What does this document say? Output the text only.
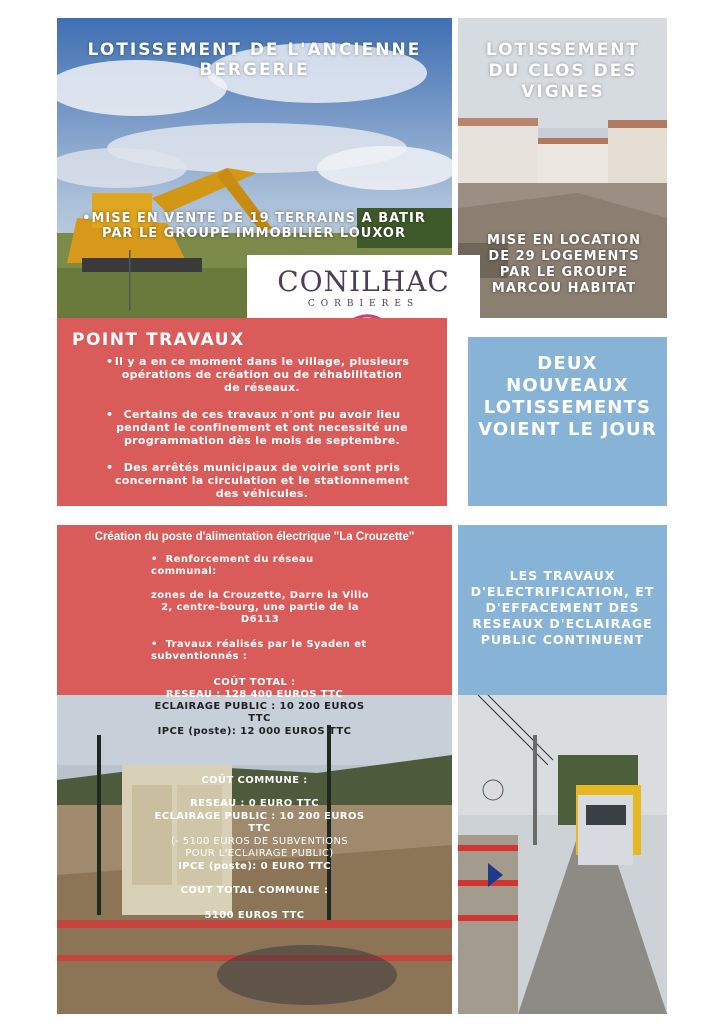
LOTISSEMENT DE L'ANCIENNE BERGERIE
•MISE EN VENTE DE 19 TERRAINS A BATIR PAR LE GROUPE IMMOBILIER LOUXOR
LOTISSEMENT DU CLOS DES VIGNES
MISE EN LOCATION DE 29 LOGEMENTS PAR LE GROUPE MARCOU HABITAT
CONILHAC
CORBIERES
POINT TRAVAUX
• Il y a en ce moment dans le village, plusieurs opérations de création ou de réhabilitation de réseaux.
• Certains de ces travaux n'ont pu avoir lieu pendant le confinement et ont necessité une programmation dès le mois de septembre.
• Des arrêtés municipaux de voirie sont pris concernant la circulation et le stationnement des véhicules.
DEUX NOUVEAUX LOTISSEMENTS VOIENT LE JOUR
Création du poste d'alimentation électrique "La Crouzette"
•  Renforcement du réseau communal:
zones de la Crouzette, Darre la Villo 2, centre-bourg, une partie de la D6113
•  Travaux réalisés par le Syaden et subventionnés :
COÛT TOTAL :
RESEAU : 128 400 EUROS TTC
ECLAIRAGE PUBLIC : 10 200 EUROS TTC
IPCE (poste): 12 000 EUROS TTC
COÛT COMMUNE :
RESEAU : 0 EURO TTC
ECLAIRAGE PUBLIC : 10 200 EUROS TTC
(- 5100 EUROS DE SUBVENTIONS POUR L'ECLAIRAGE PUBLIC)
IPCE (poste): 0 EURO TTC
COUT TOTAL COMMUNE :
5100 EUROS TTC
LES TRAVAUX D'ELECTRIFICATION, ET D'EFFACEMENT DES RESEAUX D'ECLAIRAGE PUBLIC CONTINUENT
